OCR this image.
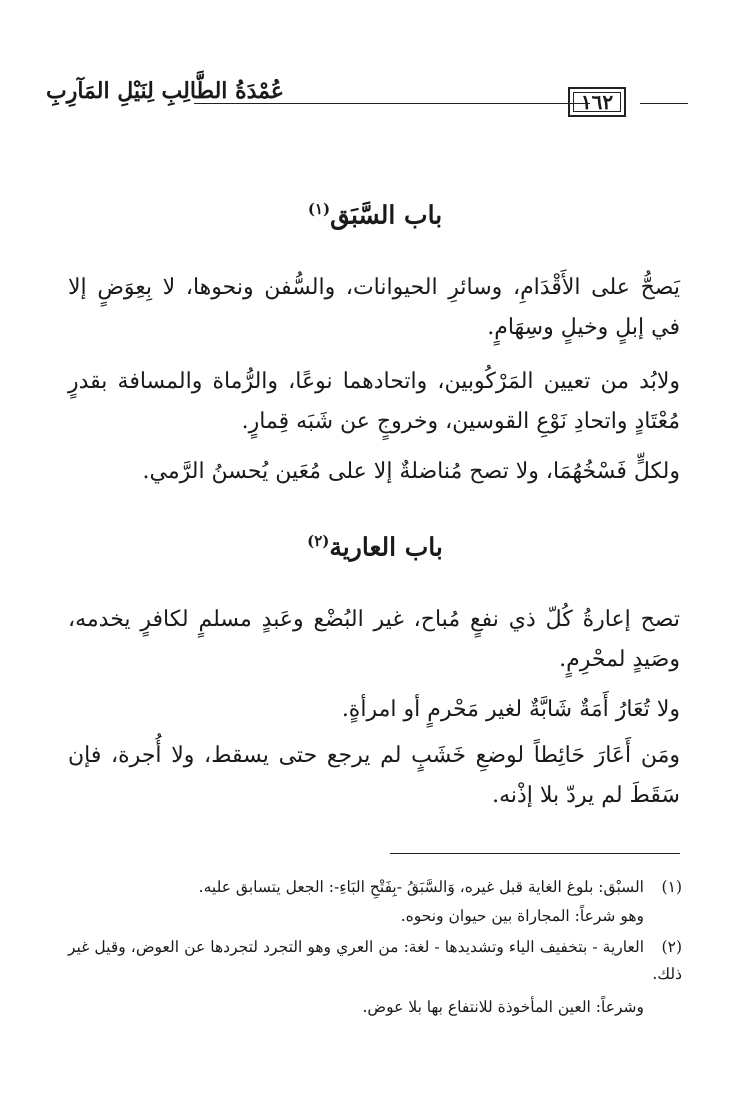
عُمْدَةُ الطَّالِبِ لِنَيْلِ المَآرِبِ	١٦٢
باب السَّبَق$^{(١)}$
يَصحُّ على الأَقْدَامِ، وسائرِ الحيوانات، والسُّفن ونحوها، لا بِعِوَضٍ إلا في إبلٍ وخيلٍ وسِهَامٍ.
ولابُد من تعيين المَرْكُوبين، واتحادهما نوعًا، والرُّماة والمسافة بقدرٍ مُعْتَادٍ واتحادِ نَوْعِ القوسين، وخروجٍ عن شَبَه قِمارٍ.
ولكلٍّ فَسْخُهُمَا، ولا تصح مُناضلةٌ إلا على مُعَين يُحسنُ الرَّمي.
باب العارية$^{(٢)}$
تصح إعارةُ كُلّ ذي نفعٍ مُباح، غير البُضْع وعَبدٍ مسلمٍ لكافرٍ يخدمه، وصَيدٍ لمحْرِمٍ.
ولا تُعَارُ أَمَةٌ شَابَّةٌ لغير مَحْرمٍ أو امرأةٍ.
ومَن أَعَارَ حَائِطاً لوضعِ خَشَبٍ لم يرجع حتى يسقط، ولا أُجرة، فإن سَقَطَ لم يردّ بلا إذْنه.
(١)السبْق: بلوغ الغاية قبل غيره، وَالسَّبَقُ -بِفَتْحِ البَاءِ-: الجعل يتسابق عليه.
وهو شرعاً: المجاراة بين حيوان ونحوه.
(٢)العارية - بتخفيف الياء وتشديدها - لغة: من العري وهو التجرد لتجردها عن العوض، وقيل غير ذلك.
وشرعاً: العين المأخوذة للانتفاع بها بلا عوض.
